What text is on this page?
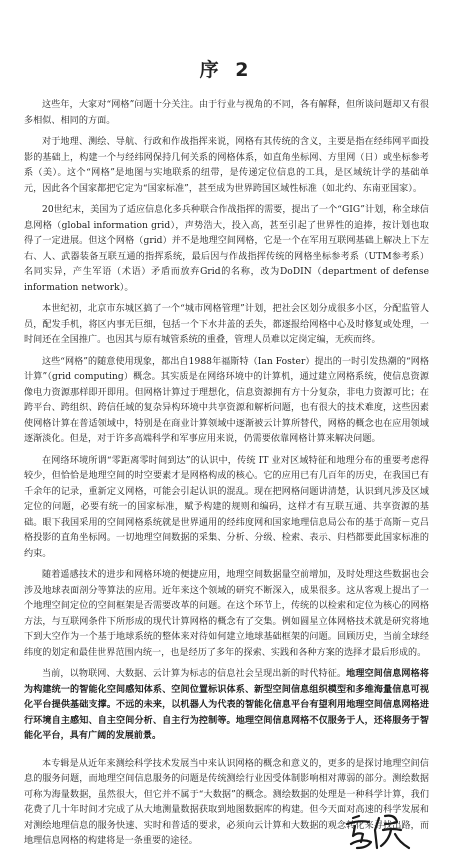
序 2

这些年，大家对“网格”问题十分关注。由于行业与视角的不同，各有解释，但所谈问题却又有很多相似、相同的方面。

对于地理、测绘、导航、行政和作战指挥来说，网格有其传统的含义，主要是指在经纬网平面投影的基础上，构建一个与经纬网保持几何关系的网格体系，如直角坐标网、方里网（日）或坐标参考系（美）。这个“网格”是地图与实地联系的纽带，是传递定位信息的工具，是区域统计学的基础单元，因此各个国家都把它定为“国家标准”，甚至成为世界跨国区域性标准（如北约、东南亚国家）。

20世纪末，美国为了适应信息化多兵种联合作战指挥的需要，提出了一个“GIG”计划，称全球信息网格（global information grid），声势浩大，投入高，甚至引起了世界性的追捧，按计划也取得了一定进展。但这个网格（grid）并不是地理空间网格，它是一个在军用互联网基础上解决上下左右、人、武器装备互联互通的指挥系统，最后因与作战指挥传统的网格坐标参考系（UTM参考系）名同实异，产生军语（术语）矛盾而放弃Grid的名称，改为DoDIN（department of defense information network）。

本世纪初，北京市东城区搞了一个“城市网格管理”计划，把社会区划分成很多小区，分配监管人员，配发手机，将区内事无巨细，包括一个下水井盖的丢失，都逐报给网格中心及时修复或处理，一时间还在全国推广。也因其与原有城管系统的重叠，管理人员难以定岗定编，无疾而终。

这些“网格”的随意使用现象，都出自1988年福斯特（Ian Foster）提出的一时引发热潮的“网格计算”（grid computing）概念。其实质是在网络环境中的计算机，通过建立网格系统，使信息资源像电力资源那样即开即用。但网格计算过于理想化，信息资源拥有方十分复杂，非电力资源可比；在跨平台、跨组织、跨信任域的复杂异构环境中共享资源和解析问题，也有很大的技术难度，这些因素使网格计算在普适领域中，特别是在商业计算领域中逐渐被云计算所替代，网格的概念也在应用领域逐渐淡化。但是，对于许多高端科学和军事应用来说，仍需要依靠网格计算来解决问题。

在网络环境所谓“零距离零时间到达”的认识中，传统 IT 业对区域特征和地理分布的重要考虑得较少，但恰恰是地理空间的时空要素才是网格构成的核心。它的应用已有几百年的历史，在我国已有千余年的记录，重新定义网格，可能会引起认识的混乱。现在把网格问题讲清楚，认识到凡涉及区域定位的问题，必要有统一的国家标准，赋予构建的规则和编码，这样才有互联互通、共享资源的基础。眼下我国采用的空间网格系统就是世界通用的经纬度网和国家地理信息局公布的基于高斯－克吕格投影的直角坐标网。一切地理空间数据的采集、分析、分级、检索、表示、归档都要此国家标准的约束。

随着遥感技术的进步和网格环境的便捷应用，地理空间数据量空前增加，及时处理这些数据也会涉及地球表面剖分等算法的应用。近年来这个领域的研究不断深入，成果很多。这从客观上提出了一个地理空间定位的空间框架是否需要改革的问题。在这个环节上，传统的以检索和定位为核心的网格方法，与互联网条件下所形成的现代计算网格的概念有了交集。例如圆星立体网格技术就是研究将地下到大空作为一个基于地球系统的整体来对待如何建立地球基础框架的问题。回顾历史，当前全球经纬度的划定和最佳世界范围内统一，也是经历了多年的探索、实践和各种方案的选择才最后形成的。

当前，以物联网、大数据、云计算为标志的信息社会呈现出新的时代特征。地理空间信息网格将为构建统一的智能化空间感知体系、空间位置标识体系、新型空间信息组织模型和多维海量信息可视化平台提供基础支撑。不远的未来，以机器人为代表的智能化信息平台有望利用地理空间信息网格进行环境自主感知、自主空间分析、自主行为控制等。地理空间信息网格不仅服务于人，还将服务于智能化平台，具有广阔的发展前景。

本专辑是从近年来测绘科学技术发展当中来认识网格的概念和意义的，更多的是探讨地理空间信息的服务问题，而地理空间信息服务的问题是传统测绘行业因受体制影响相对薄弱的部分。测绘数据可称为海量数据，虽然很大，但它并不属于“大数据”的概念。测绘数据的处理是一种科学计算，我们花费了几十年时间才完成了从大地测量数据获取到地图数据库的构建。但今天面对高速的科学发展和对测绘地理信息的服务快速、实时和普适的要求，必须向云计算和大数据的观念转化来寻找出路，而地理信息网格的构建将是一条重要的途径。
